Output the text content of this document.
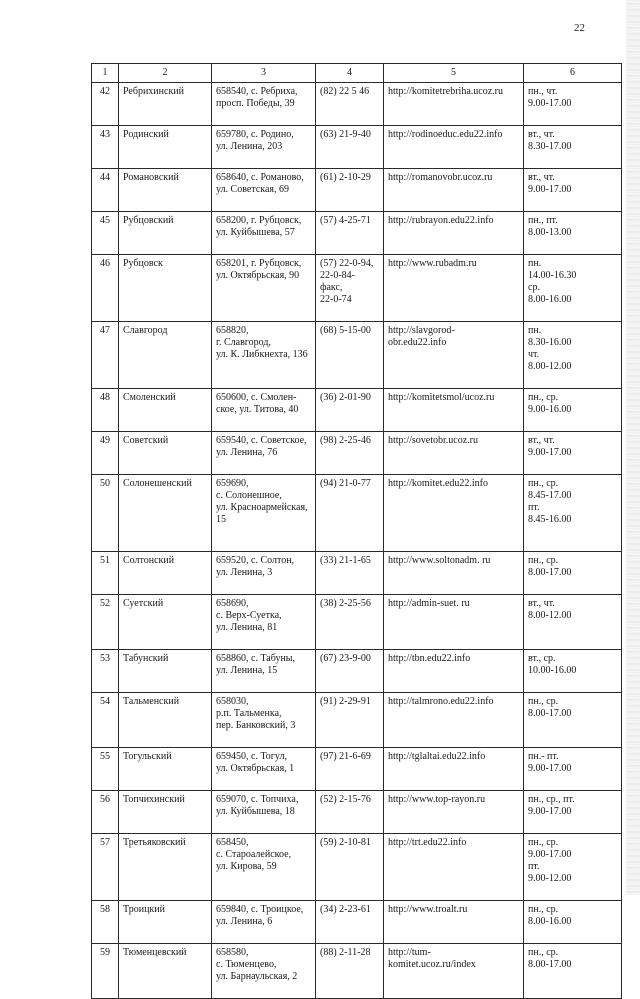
22
1	2	3	4	5	6
42	Ребрихинский	658540, с. Ребриха,
просп. Победы, 39	(82) 22 5 46	http://komitetrebriha.ucoz.ru	пн., чт.
9.00-17.00
43	Родинский	659780, с. Родино,
ул. Ленина, 203	(63) 21-9-40	http://rodinoeduc.edu22.info	вт., чт.
8.30-17.00
44	Романовский	658640, с. Романово,
ул. Советская, 69	(61) 2-10-29	http://romanovobr.ucoz.ru	вт., чт.
9.00-17.00
45	Рубцовский	658200, г. Рубцовск,
ул. Куйбышева, 57	(57) 4-25-71	http://rubrayon.edu22.info	пн., пт.
8.00-13.00
46	Рубцовск	658201, г. Рубцовск,
ул. Октябрьская, 90	(57) 22-0-94,
22-0-84-
факс,
22-0-74	http://www.rubadm.ru	пн.
14.00-16.30
ср.
8.00-16.00
47	Славгород	658820,
г. Славгород,
ул. К. Либкнехта, 136	(68) 5-15-00	http://slavgorod-
obr.edu22.info	пн.
8.30-16.00
чт.
8.00-12.00
48	Смоленский	650600, с. Смолен-
ское, ул. Титова, 40	(36) 2-01-90	http://komitetsmol/ucoz.ru	пн., ср.
9.00-16.00
49	Советский	659540, с. Советское,
ул. Ленина, 76	(98) 2-25-46	http://sovetobr.ucoz.ru	вт., чт.
9.00-17.00
50	Солонешенский	659690,
с. Солонешное,
ул. Красноармейская,
15	(94) 21-0-77	http://komitet.edu22.info	пн., ср.
8.45-17.00
пт.
8.45-16.00
51	Солтонский	659520, с. Солтон,
ул. Ленина, 3	(33) 21-1-65	http://www.soltonadm. ru	пн., ср.
8.00-17.00
52	Суетский	658690,
с. Верх-Суетка,
ул. Ленина, 81	(38) 2-25-56	http://admin-suet. ru	вт., чт.
8.00-12.00
53	Табунский	658860, с. Табуны,
ул. Ленина, 15	(67) 23-9-00	http://tbn.edu22.info	вт., ср.
10.00-16.00
54	Тальменский	658030,
р.п. Тальменка,
пер. Банковский, 3	(91) 2-29-91	http://talmrono.edu22.info	пн., ср.
8.00-17.00
55	Тогульский	659450, с. Тогул,
ул. Октябрьская, 1	(97) 21-6-69	http://tglaltai.edu22.info	пн.- пт.
9.00-17.00
56	Топчихинский	659070, с. Топчиха,
ул. Куйбышева, 18	(52) 2-15-76	http://www.top-rayon.ru	пн., ср., пт.
9.00-17.00
57	Третьяковский	658450,
с. Староалейское,
ул. Кирова, 59	(59) 2-10-81	http://trt.edu22.info	пн., ср.
9.00-17.00
пт.
9.00-12.00
58	Троицкий	659840, с. Троицкое,
ул. Ленина, 6	(34) 2-23-61	http://www.troalt.ru	пн., ср.
8.00-16.00
59	Тюменцевский	658580,
с. Тюменцево,
ул. Барнаульская, 2	(88) 2-11-28	http://tum-
komitet.ucoz.ru/index	пн., ср.
8.00-17.00
